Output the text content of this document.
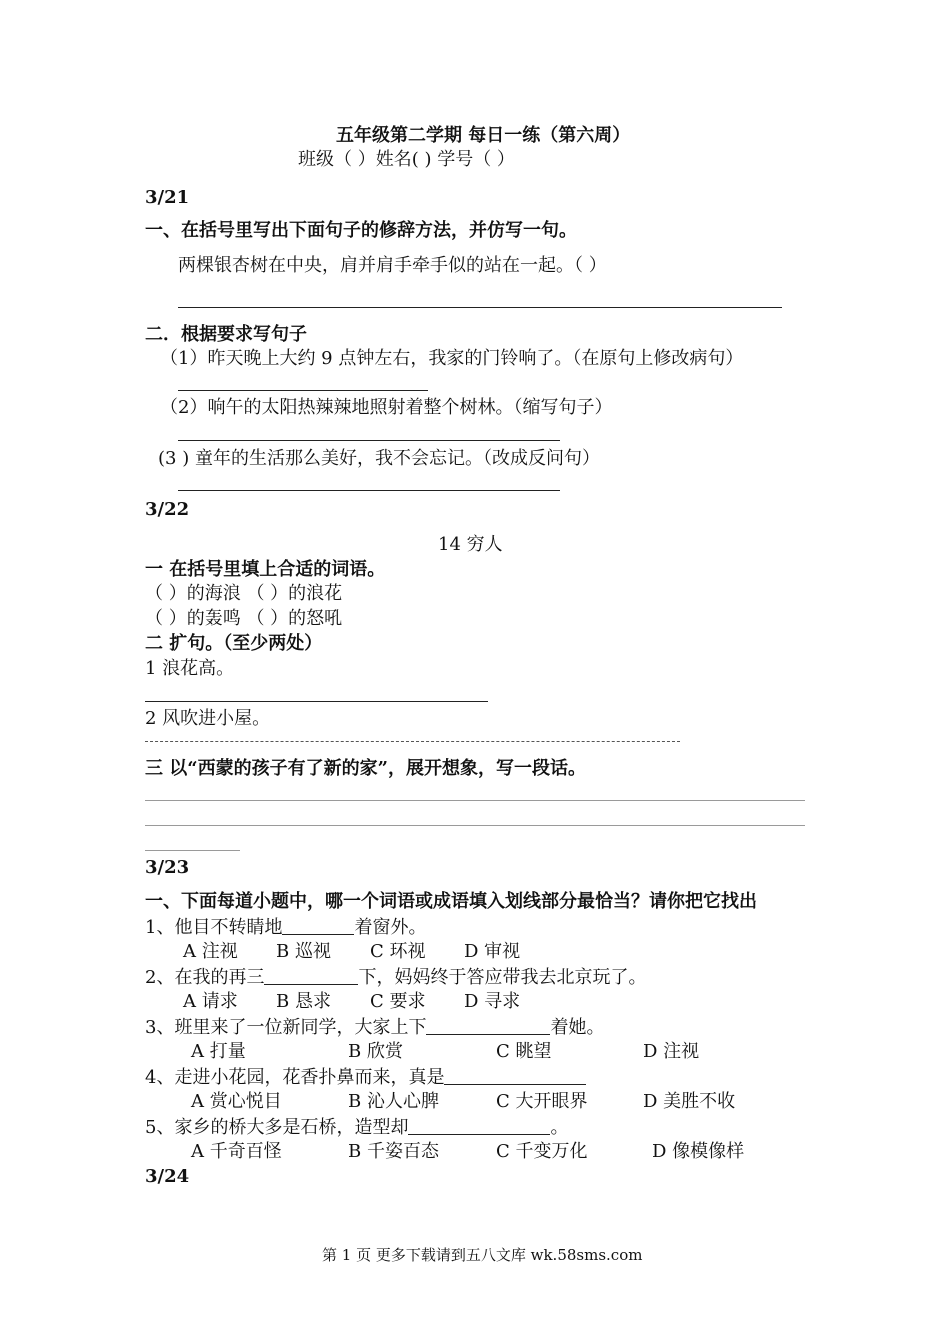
五年级第二学期 每日一练（第六周）
班级（ ）姓名( ) 学号（ ）
3/21
一、在括号里写出下面句子的修辞方法，并仿写一句。
两棵银杏树在中央，肩并肩手牵手似的站在一起。（ ）
二．根据要求写句子
（1）昨天晚上大约 9 点钟左右，我家的门铃响了。（在原句上修改病句）
（2）响午的太阳热辣辣地照射着整个树林。（缩写句子）
(3 ) 童年的生活那么美好，我不会忘记。（改成反问句）
3/22
14 穷人
一 在括号里填上合适的词语。
（ ）的海浪 （ ）的浪花
（ ）的轰鸣 （ ）的怒吼
二 扩句。（至少两处）
1 浪花高。
2 风吹进小屋。
三 以“西蒙的孩子有了新的家”，展开想象，写一段话。
3/23
一、下面每道小题中，哪一个词语或成语填入划线部分最恰当？请你把它找出
1、他目不转睛地	着窗外。
A 注视 B 巡视 C 环视 D 审视
2、在我的再三	下，妈妈终于答应带我去北京玩了。
A 请求 B 恳求 C 要求 D 寻求
3、班里来了一位新同学，大家上下	着她。
A 打量	B 欣赏	C 眺望	D 注视
4、走进小花园，花香扑鼻而来，真是
A 赏心悦目	B 沁人心脾	C 大开眼界	D 美胜不收
5、家乡的桥大多是石桥，造型却	。
A 千奇百怪	B 千姿百态	C 千变万化	D 像模像样
3/24
第 1 页 更多下载请到五八文库 wk.58sms.com
